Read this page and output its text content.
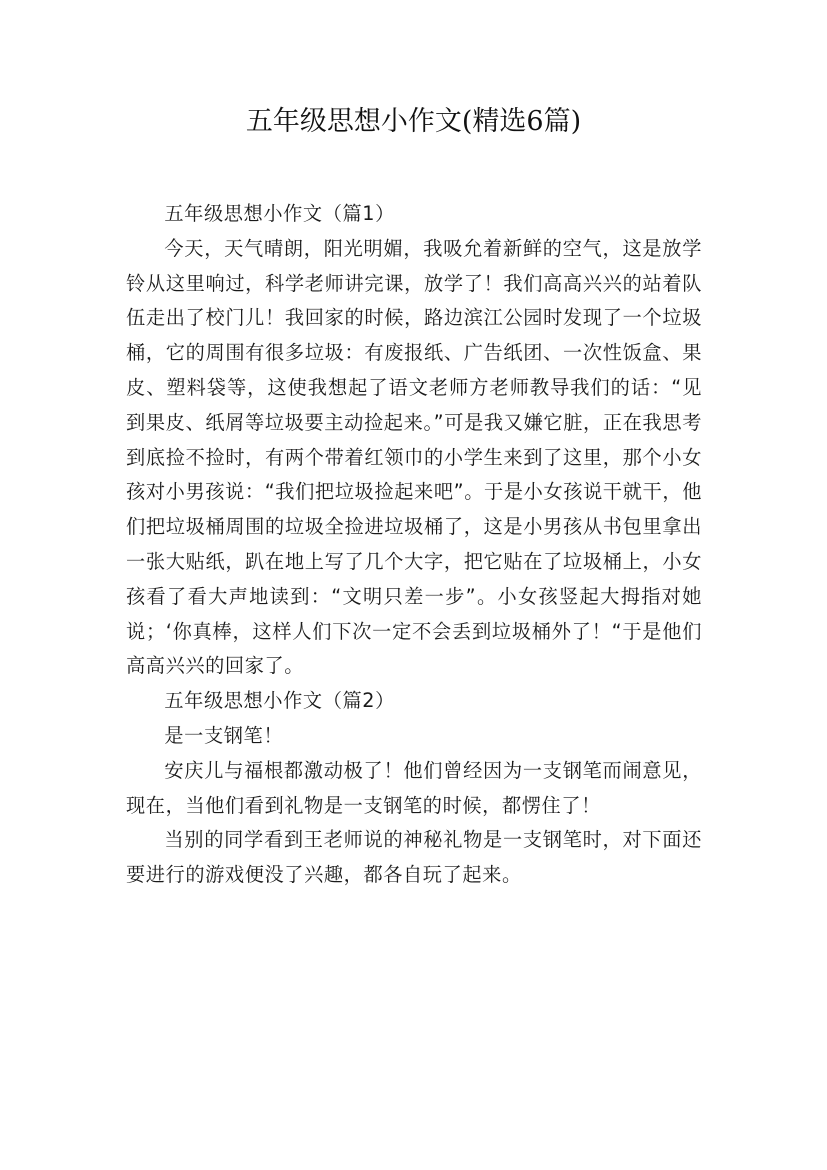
五年级思想小作文(精选6篇)

五年级思想小作文（篇1）

今天，天气晴朗，阳光明媚，我吸允着新鲜的空气，这是放学铃从这里响过，科学老师讲完课，放学了！我们高高兴兴的站着队伍走出了校门儿！我回家的时候，路边滨江公园时发现了一个垃圾桶，它的周围有很多垃圾：有废报纸、广告纸团、一次性饭盒、果皮、塑料袋等，这使我想起了语文老师方老师教导我们的话：“见到果皮、纸屑等垃圾要主动捡起来。”可是我又嫌它脏，正在我思考到底捡不捡时，有两个带着红领巾的小学生来到了这里，那个小女孩对小男孩说：“我们把垃圾捡起来吧”。于是小女孩说干就干，他们把垃圾桶周围的垃圾全捡进垃圾桶了，这是小男孩从书包里拿出一张大贴纸，趴在地上写了几个大字，把它贴在了垃圾桶上，小女孩看了看大声地读到：“文明只差一步”。小女孩竖起大拇指对她说；‘你真棒，这样人们下次一定不会丢到垃圾桶外了！“于是他们高高兴兴的回家了。

五年级思想小作文（篇2）

是一支钢笔！

安庆儿与福根都激动极了！他们曾经因为一支钢笔而闹意见，现在，当他们看到礼物是一支钢笔的时候，都愣住了！

当别的同学看到王老师说的神秘礼物是一支钢笔时，对下面还要进行的游戏便没了兴趣，都各自玩了起来。
